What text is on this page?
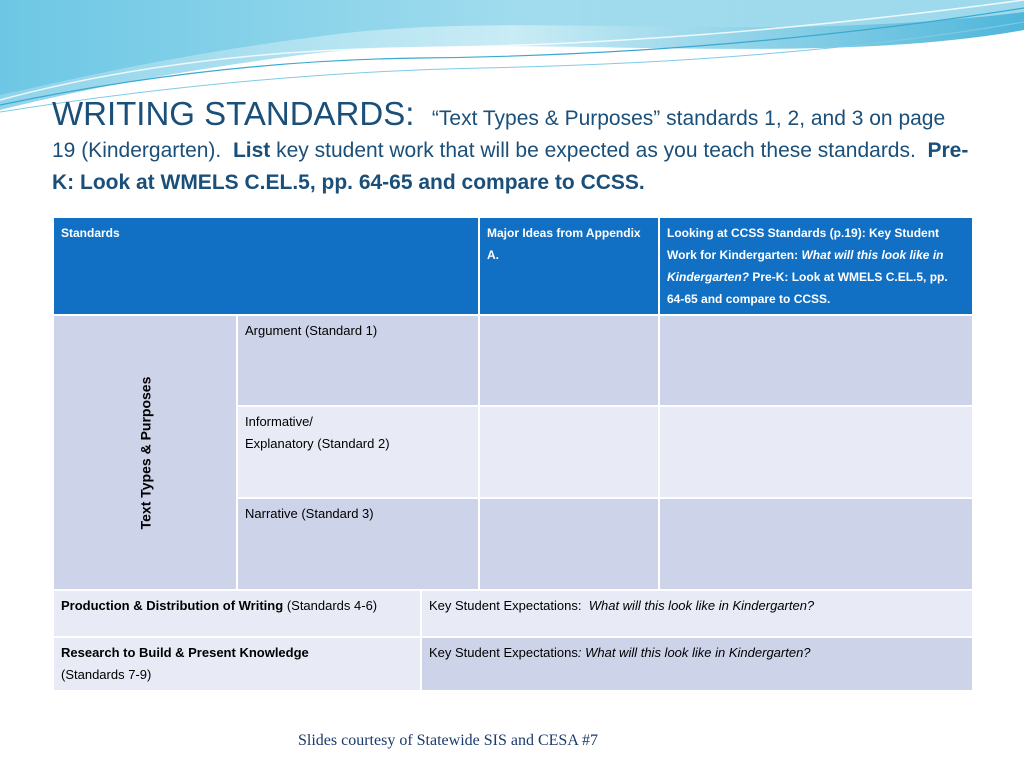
WRITING STANDARDS: “Text Types & Purposes” standards 1, 2, and 3 on page 19 (Kindergarten). List key student work that will be expected as you teach these standards. Pre-K: Look at WMELS C.EL.5, pp. 64-65 and compare to CCSS.
Standards			Major Ideas from Appendix A.	Looking at CCSS Standards (p.19): Key Student Work for Kindergarten: What will this look like in Kindergarten? Pre-K: Look at WMELS C.EL.5, pp. 64-65 and compare to CCSS.

Text Types & Purposes	Argument (Standard 1)			
	Informative/
Explanatory (Standard 2)			
	Narrative (Standard 3)			
Production & Distribution of Writing (Standards 4-6)		Key Student Expectations: What will this look like in Kindergarten?		
Research to Build & Present Knowledge
(Standards 7-9)		Key Student Expectations: What will this look like in Kindergarten?		
Slides courtesy of Statewide SIS and CESA #7
